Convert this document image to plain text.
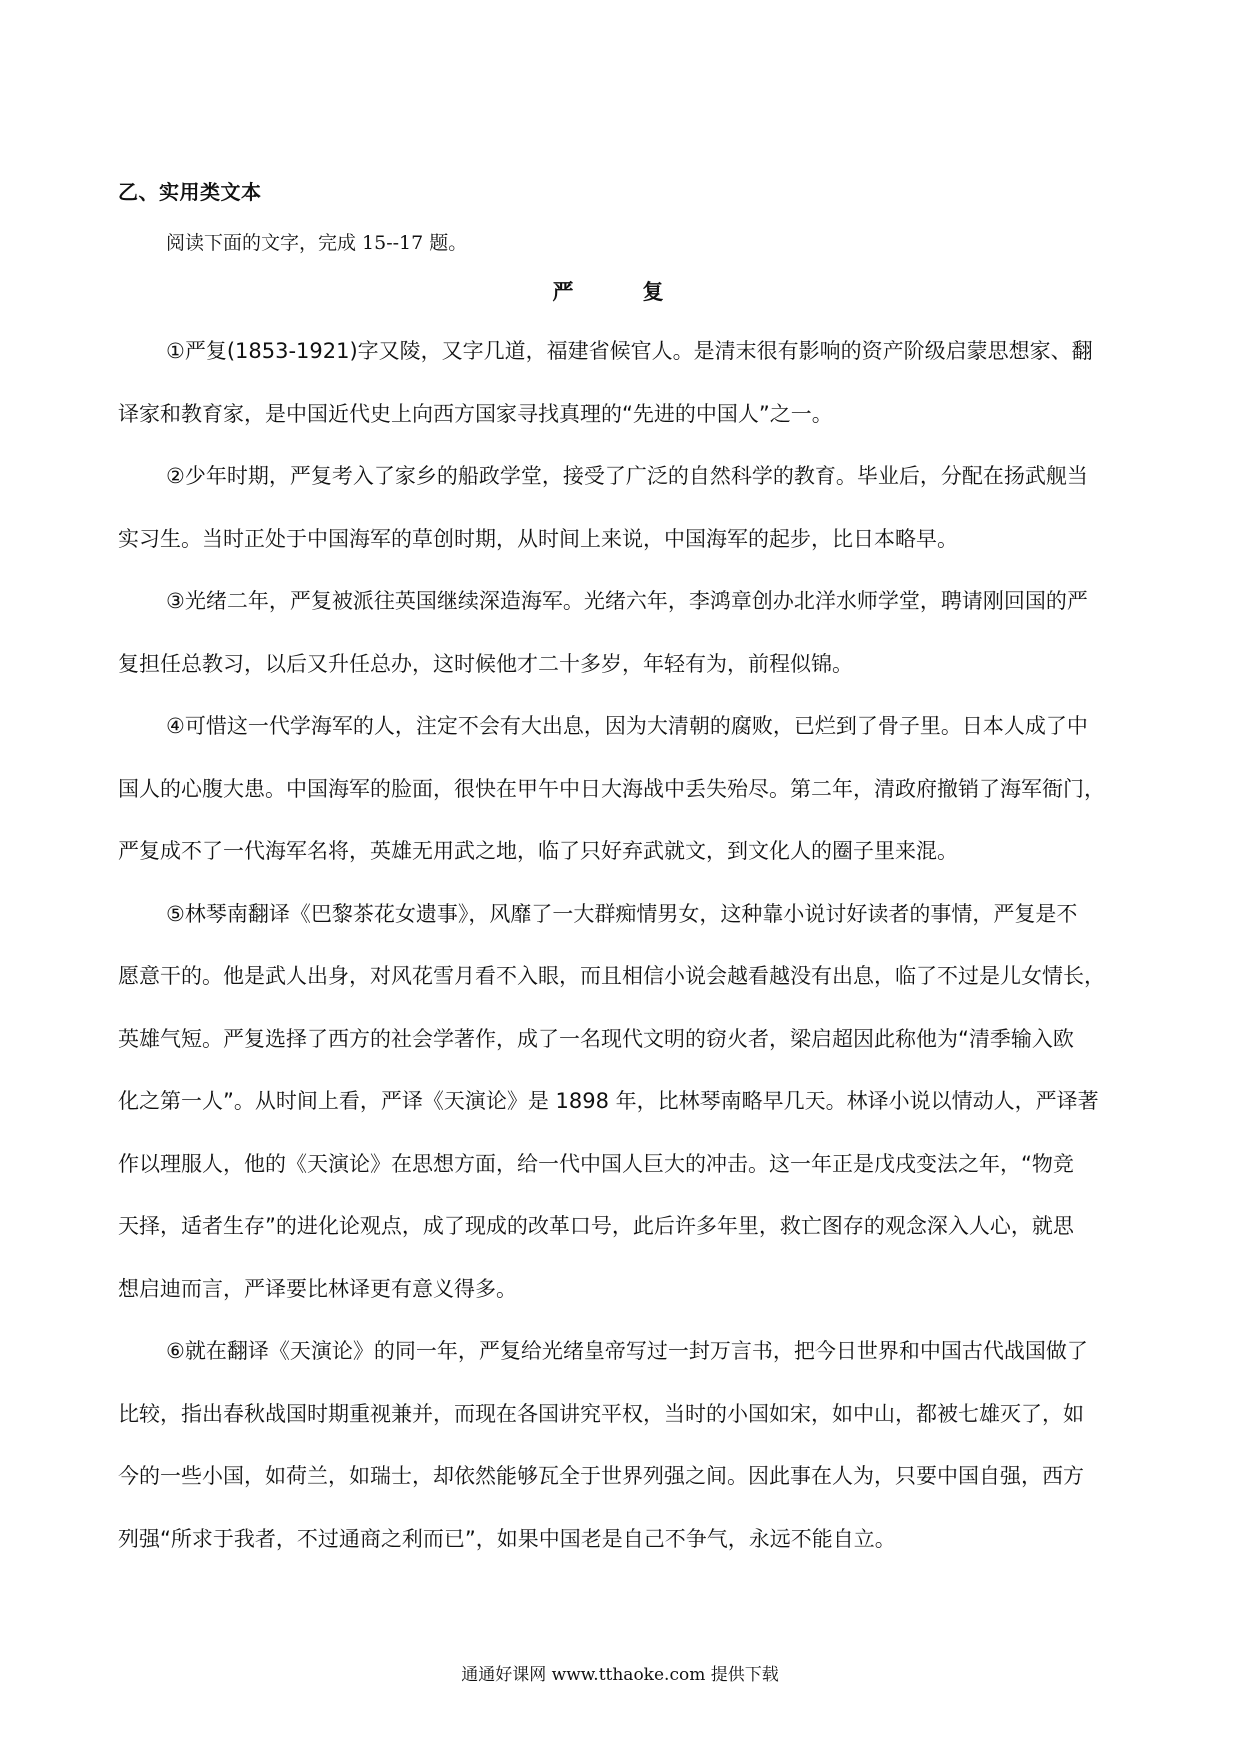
乙、实用类文本
阅读下面的文字，完成 15--17 题。
严　复

①严复(1853-1921)字又陵，又字几道，福建省候官人。是清末很有影响的资产阶级启蒙思想家、翻
译家和教育家，是中国近代史上向西方国家寻找真理的“先进的中国人”之一。

②少年时期，严复考入了家乡的船政学堂，接受了广泛的自然科学的教育。毕业后，分配在扬武舰当
实习生。当时正处于中国海军的草创时期，从时间上来说，中国海军的起步，比日本略早。

③光绪二年，严复被派往英国继续深造海军。光绪六年，李鸿章创办北洋水师学堂，聘请刚回国的严
复担任总教习，以后又升任总办，这时候他才二十多岁，年轻有为，前程似锦。

④可惜这一代学海军的人，注定不会有大出息，因为大清朝的腐败，已烂到了骨子里。日本人成了中
国人的心腹大患。中国海军的脸面，很快在甲午中日大海战中丢失殆尽。第二年，清政府撤销了海军衙门，
严复成不了一代海军名将，英雄无用武之地，临了只好弃武就文，到文化人的圈子里来混。

⑤林琴南翻译《巴黎茶花女遗事》，风靡了一大群痴情男女，这种靠小说讨好读者的事情，严复是不
愿意干的。他是武人出身，对风花雪月看不入眼，而且相信小说会越看越没有出息，临了不过是儿女情长，
英雄气短。严复选择了西方的社会学著作，成了一名现代文明的窃火者，梁启超因此称他为“清季输入欧
化之第一人”。从时间上看，严译《天演论》是 1898 年，比林琴南略早几天。林译小说以情动人，严译著
作以理服人，他的《天演论》在思想方面，给一代中国人巨大的冲击。这一年正是戊戌变法之年，“物竞
天择，适者生存”的进化论观点，成了现成的改革口号，此后许多年里，救亡图存的观念深入人心，就思
想启迪而言，严译要比林译更有意义得多。

⑥就在翻译《天演论》的同一年，严复给光绪皇帝写过一封万言书，把今日世界和中国古代战国做了
比较，指出春秋战国时期重视兼并，而现在各国讲究平权，当时的小国如宋，如中山，都被七雄灭了，如
今的一些小国，如荷兰，如瑞士，却依然能够瓦全于世界列强之间。因此事在人为，只要中国自强，西方
列强“所求于我者，不过通商之利而已”，如果中国老是自己不争气，永远不能自立。

通通好课网 www.tthaoke.com 提供下载
